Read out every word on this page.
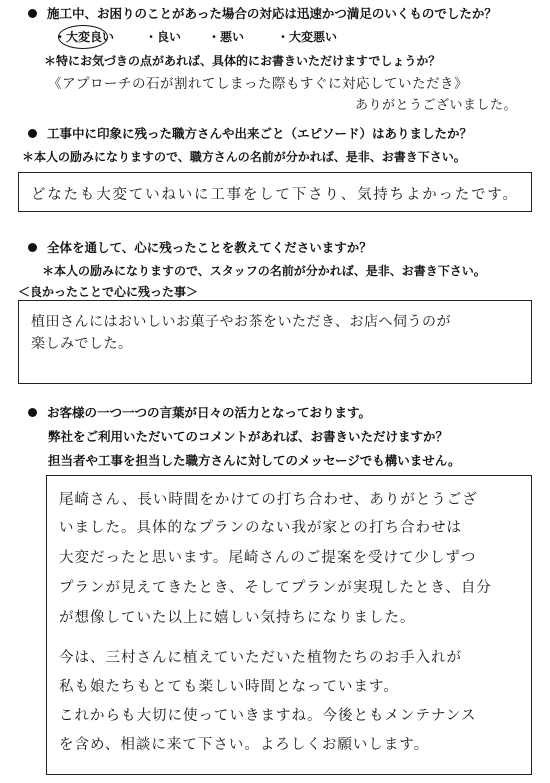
施工中、お困りのことがあった場合の対応は迅速かつ満足のいくものでしたか？
・大変良い	・良い ・悪い	・大変悪い
＊特にお気づきの点があれば、具体的にお書きいただけますでしょうか？
《アプローチの石が割れてしまった際もすぐに対応していただき》
ありがとうございました。
工事中に印象に残った職方さんや出来ごと（エピソード）はありましたか？
＊本人の励みになりますので、職方さんの名前が分かれば、是非、お書き下さい。
どなたも大変ていねいに工事をして下さり、気持ちよかったです。
全体を通して、心に残ったことを教えてくださいますか？
＊本人の励みになりますので、スタッフの名前が分かれば、是非、お書き下さい。
＜良かったことで心に残った事＞
植田さんにはおいしいお菓子やお茶をいただき、お店へ伺うのが
楽しみでした。
お客様の一つ一つの言葉が日々の活力となっております。
弊社をご利用いただいてのコメントがあれば、お書きいただけますか？
担当者や工事を担当した職方さんに対してのメッセージでも構いません。
尾崎さん、長い時間をかけての打ち合わせ、ありがとうござ
いました。具体的なプランのない我が家との打ち合わせは
大変だったと思います。尾崎さんのご提案を受けて少しずつ
プランが見えてきたとき、そしてプランが実現したとき、自分
が想像していた以上に嬉しい気持ちになりました。
今は、三村さんに植えていただいた植物たちのお手入れが
私も娘たちもとても楽しい時間となっています。
これからも大切に使っていきますね。今後ともメンテナンス
を含め、相談に来て下さい。よろしくお願いします。
